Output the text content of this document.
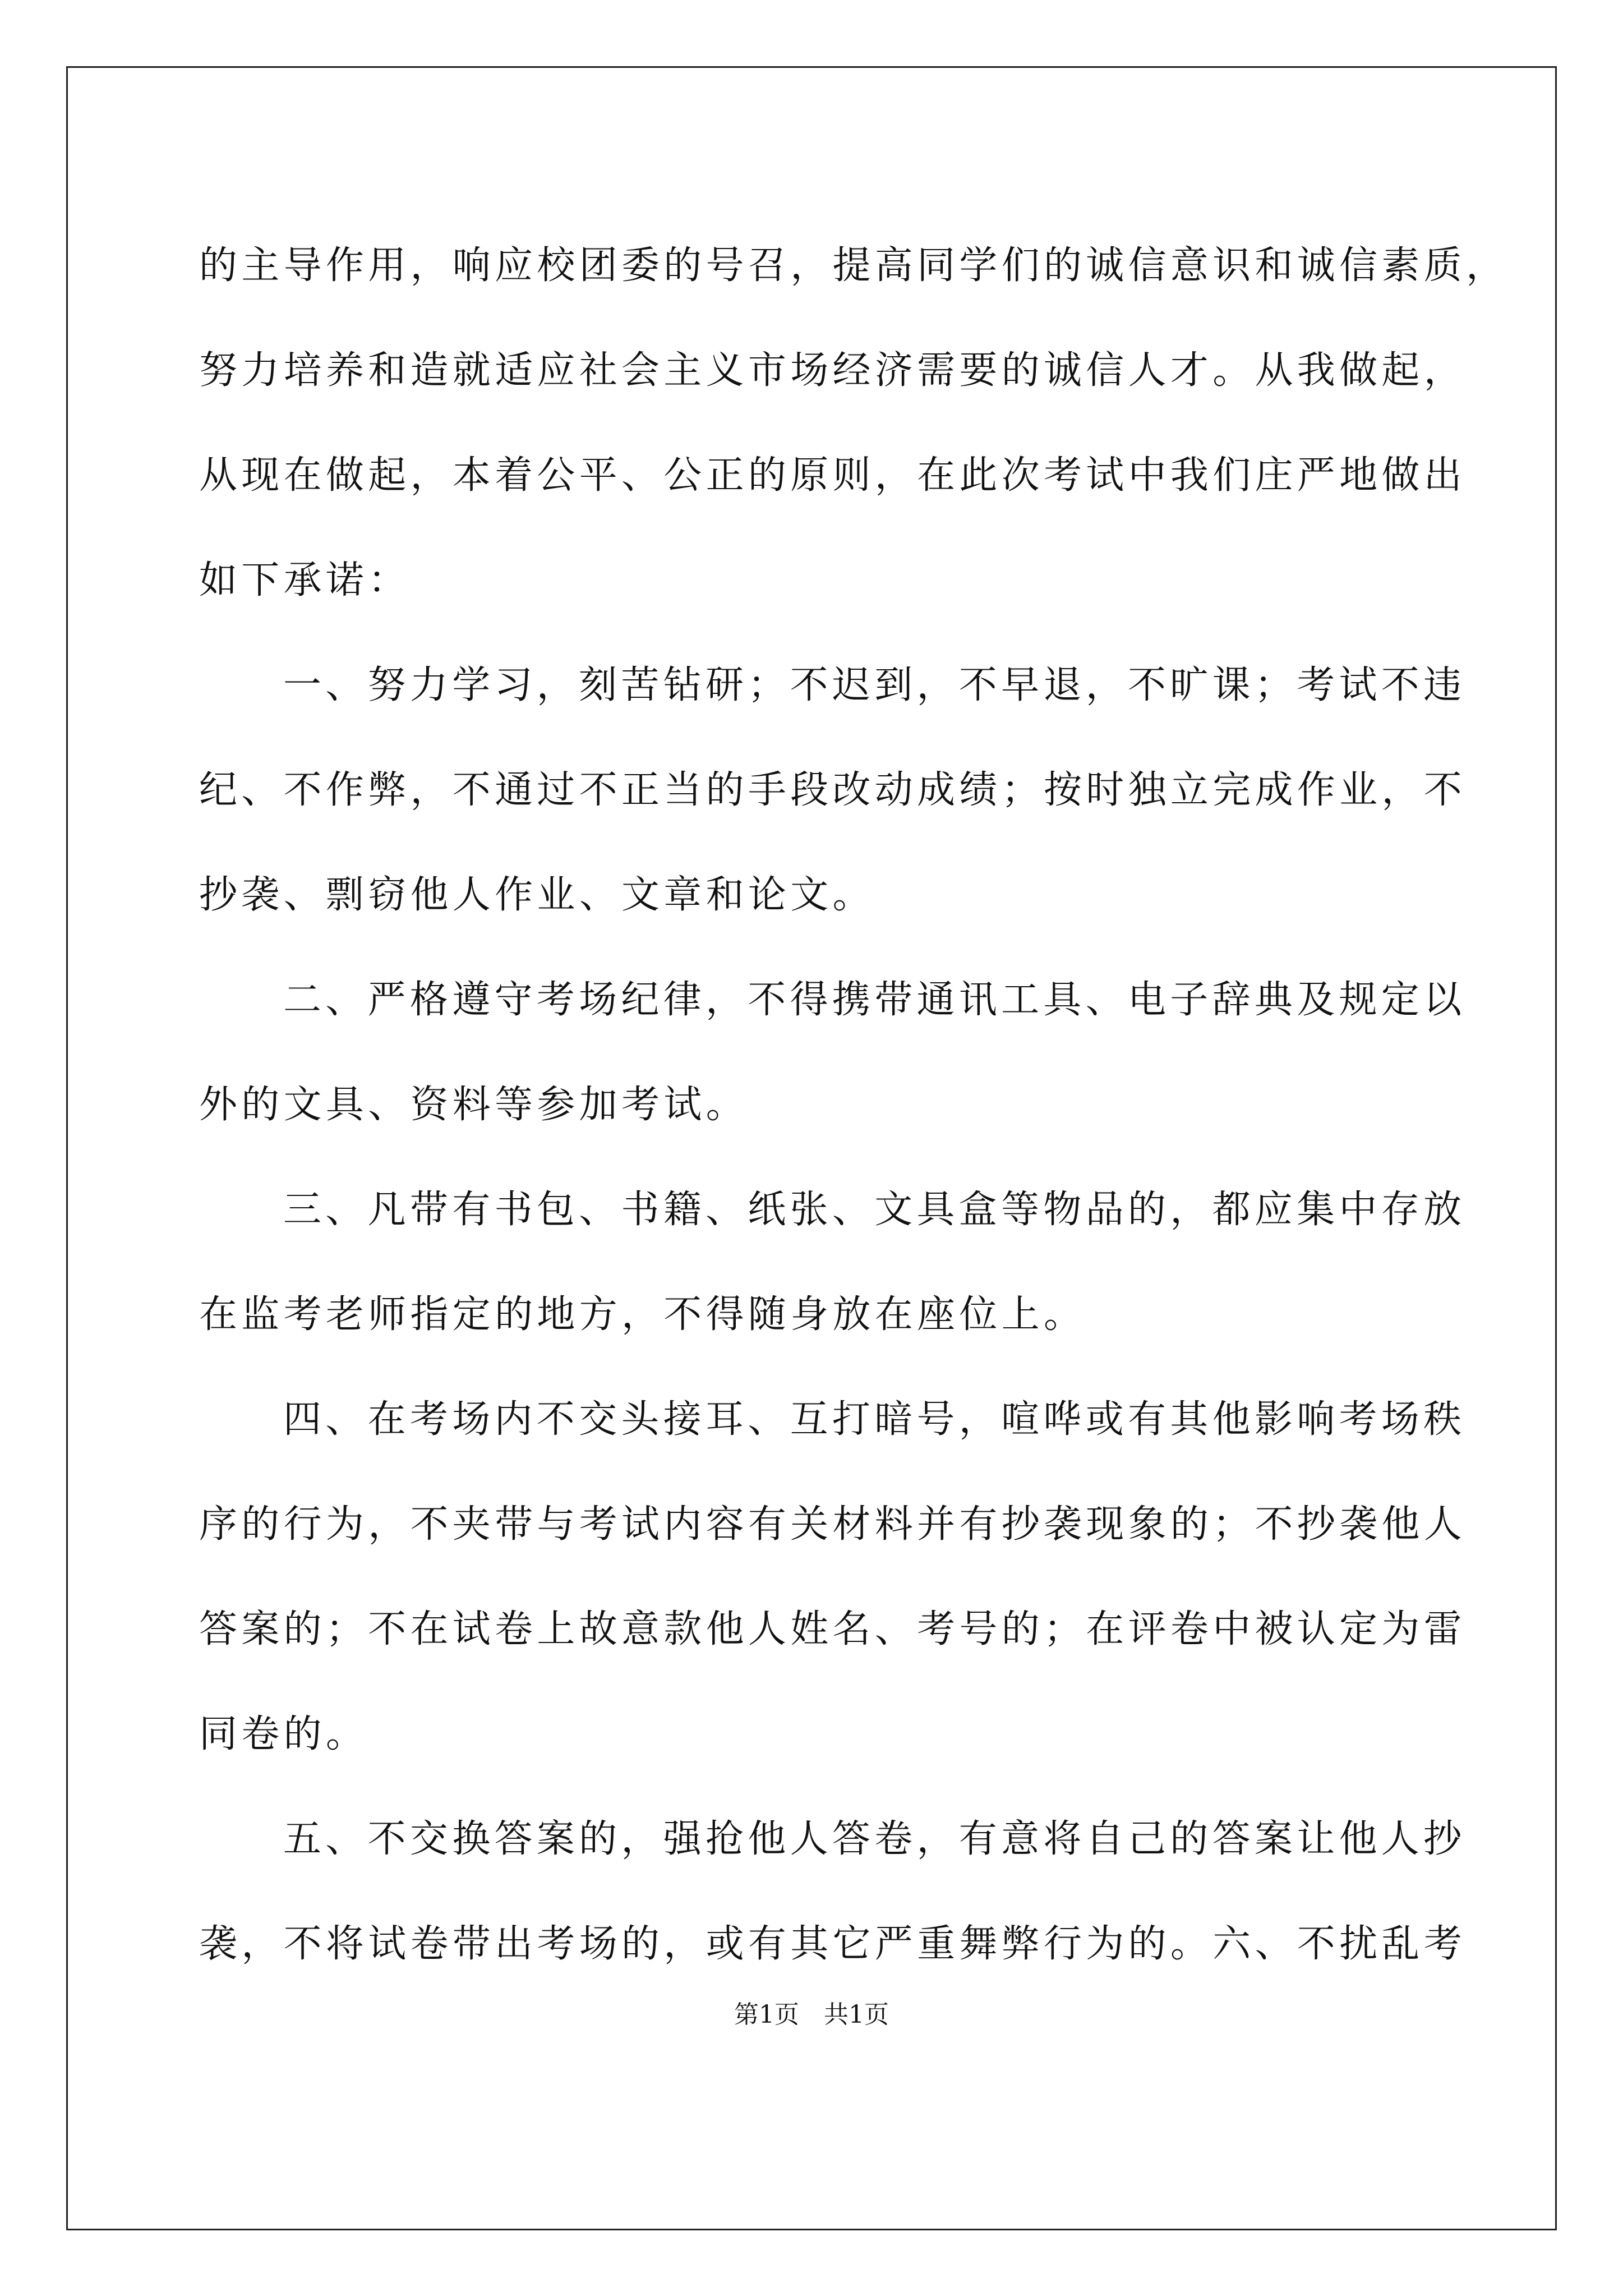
的主导作用，响应校团委的号召，提高同学们的诚信意识和诚信素质，
努力培养和造就适应社会主义市场经济需要的诚信人才。从我做起，
从现在做起，本着公平、公正的原则，在此次考试中我们庄严地做出
如下承诺：
一、努力学习，刻苦钻研；不迟到，不早退，不旷课；考试不违
纪、不作弊，不通过不正当的手段改动成绩；按时独立完成作业，不
抄袭、剽窃他人作业、文章和论文。
二、严格遵守考场纪律，不得携带通讯工具、电子辞典及规定以
外的文具、资料等参加考试。
三、凡带有书包、书籍、纸张、文具盒等物品的，都应集中存放
在监考老师指定的地方，不得随身放在座位上。
四、在考场内不交头接耳、互打暗号，喧哗或有其他影响考场秩
序的行为，不夹带与考试内容有关材料并有抄袭现象的；不抄袭他人
答案的；不在试卷上故意款他人姓名、考号的；在评卷中被认定为雷
同卷的。
五、不交换答案的，强抢他人答卷，有意将自己的答案让他人抄
袭，不将试卷带出考场的，或有其它严重舞弊行为的。六、不扰乱考
第1页　共1页
